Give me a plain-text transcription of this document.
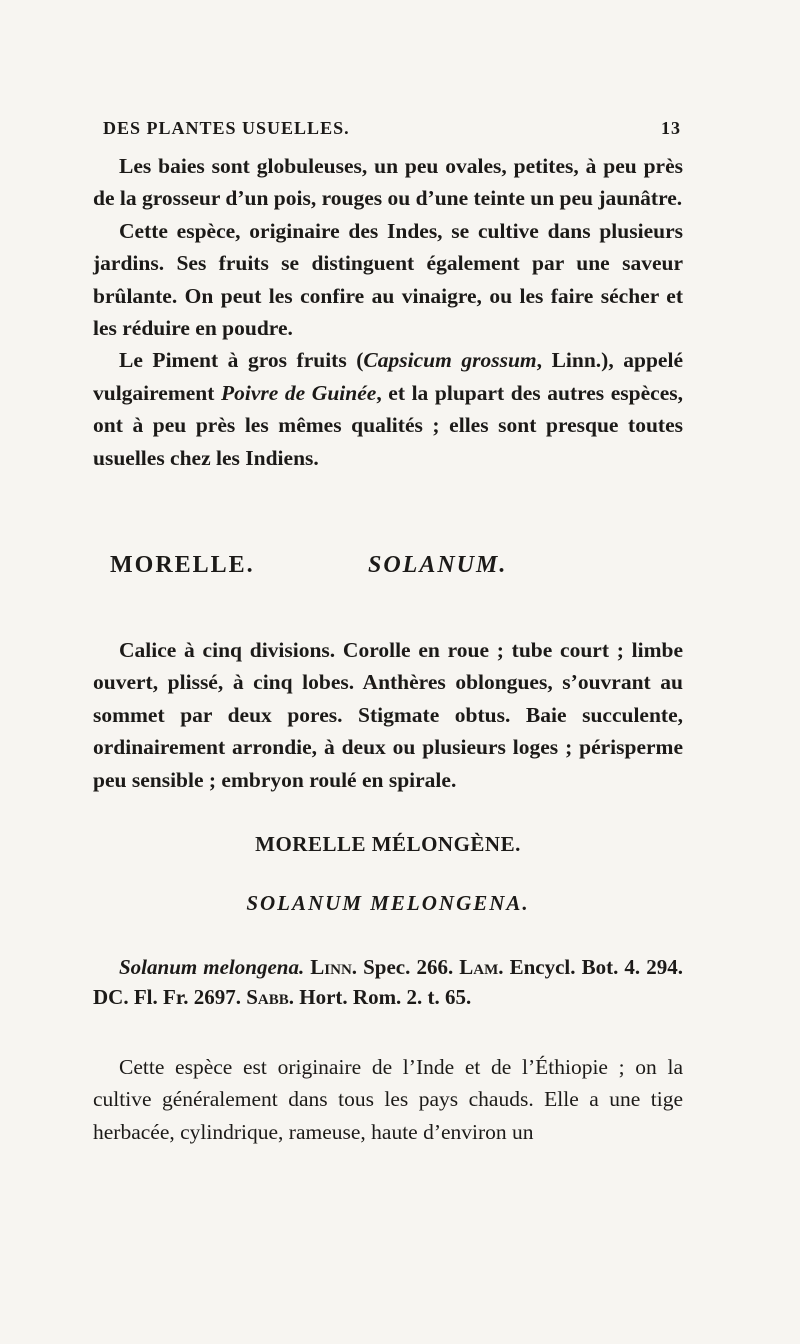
DES PLANTES USUELLES.	13
Les baies sont globuleuses, un peu ovales, petites, à peu près de la grosseur d’un pois, rouges ou d’une teinte un peu jaunâtre.
Cette espèce, originaire des Indes, se cultive dans plusieurs jardins. Ses fruits se distinguent également par une saveur brûlante. On peut les confire au vinaigre, ou les faire sécher et les réduire en poudre.
Le Piment à gros fruits (Capsicum grossum, Linn.), appelé vulgairement Poivre de Guinée, et la plupart des autres espèces, ont à peu près les mêmes qualités ; elles sont presque toutes usuelles chez les Indiens.
MORELLE.	SOLANUM.
Calice à cinq divisions. Corolle en roue ; tube court ; limbe ouvert, plissé, à cinq lobes. Anthères oblongues, s’ouvrant au sommet par deux pores. Stigmate obtus. Baie succulente, ordinairement arrondie, à deux ou plusieurs loges ; périsperme peu sensible ; embryon roulé en spirale.
MORELLE MÉLONGÈNE.
SOLANUM MELONGENA.
Solanum melongena. Linn. Spec. 266. Lam. Encycl. Bot. 4. 294. DC. Fl. Fr. 2697. Sabb. Hort. Rom. 2. t. 65.
Cette espèce est originaire de l’Inde et de l’Éthiopie ; on la cultive généralement dans tous les pays chauds. Elle a une tige herbacée, cylindrique, rameuse, haute d’environ un
